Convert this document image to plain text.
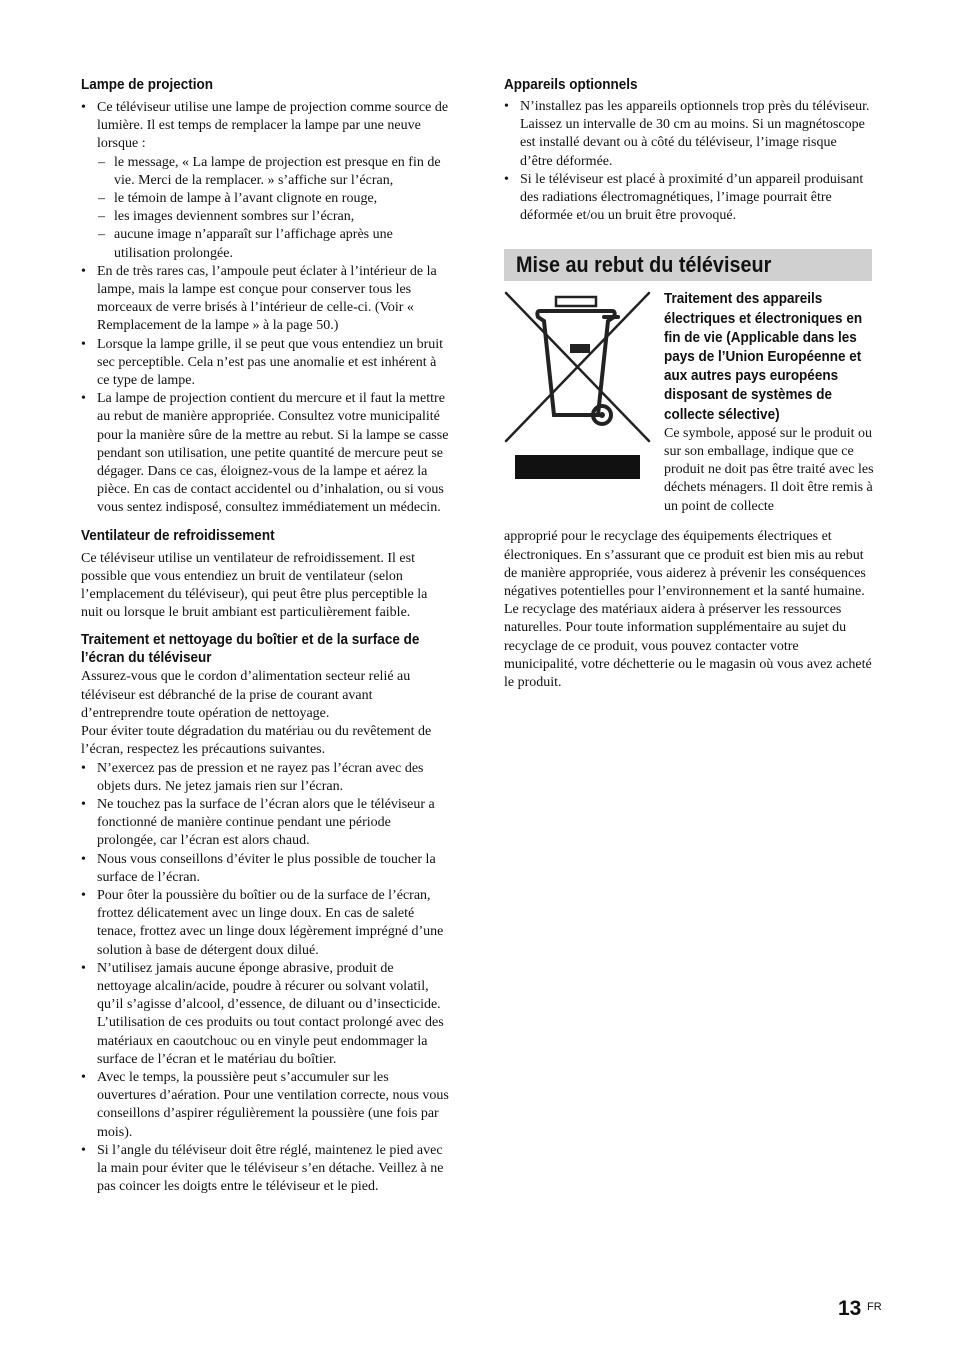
Lampe de projection
• Ce téléviseur utilise une lampe de projection comme source de lumière. Il est temps de remplacer la lampe par une neuve lorsque :
– le message, « La lampe de projection est presque en fin de vie. Merci de la remplacer. » s’affiche sur l’écran,
– le témoin de lampe à l’avant clignote en rouge,
– les images deviennent sombres sur l’écran,
– aucune image n’apparaît sur l’affichage après une utilisation prolongée.
• En de très rares cas, l’ampoule peut éclater à l’intérieur de la lampe, mais la lampe est conçue pour conserver tous les morceaux de verre brisés à l’intérieur de celle-ci. (Voir « Remplacement de la lampe » à la page 50.)
• Lorsque la lampe grille, il se peut que vous entendiez un bruit sec perceptible. Cela n’est pas une anomalie et est inhérent à ce type de lampe.
• La lampe de projection contient du mercure et il faut la mettre au rebut de manière appropriée. Consultez votre municipalité pour la manière sûre de la mettre au rebut. Si la lampe se casse pendant son utilisation, une petite quantité de mercure peut se dégager. Dans ce cas, éloignez-vous de la lampe et aérez la pièce. En cas de contact accidentel ou d’inhalation, ou si vous vous sentez indisposé, consultez immédiatement un médecin.
Ventilateur de refroidissement

Ce téléviseur utilise un ventilateur de refroidissement. Il est possible que vous entendiez un bruit de ventilateur (selon l’emplacement du téléviseur), qui peut être plus perceptible la nuit ou lorsque le bruit ambiant est particulièrement faible.

Traitement et nettoyage du boîtier et de la surface de l’écran du téléviseur

Assurez-vous que le cordon d’alimentation secteur relié au téléviseur est débranché de la prise de courant avant d’entreprendre toute opération de nettoyage.

Pour éviter toute dégradation du matériau ou du revêtement de l’écran, respectez les précautions suivantes.

• N’exercez pas de pression et ne rayez pas l’écran avec des objets durs. Ne jetez jamais rien sur l’écran.
• Ne touchez pas la surface de l’écran alors que le téléviseur a fonctionné de manière continue pendant une période prolongée, car l’écran est alors chaud.
• Nous vous conseillons d’éviter le plus possible de toucher la surface de l’écran.
• Pour ôter la poussière du boîtier ou de la surface de l’écran, frottez délicatement avec un linge doux. En cas de saleté tenace, frottez avec un linge doux légèrement imprégné d’une solution à base de détergent doux dilué.
• N’utilisez jamais aucune éponge abrasive, produit de nettoyage alcalin/acide, poudre à récurer ou solvant volatil, qu’il s’agisse d’alcool, d’essence, de diluant ou d’insecticide. L’utilisation de ces produits ou tout contact prolongé avec des matériaux en caoutchouc ou en vinyle peut endommager la surface de l’écran et le matériau du boîtier.
• Avec le temps, la poussière peut s’accumuler sur les ouvertures d’aération. Pour une ventilation correcte, nous vous conseillons d’aspirer régulièrement la poussière (une fois par mois).
• Si l’angle du téléviseur doit être réglé, maintenez le pied avec la main pour éviter que le téléviseur s’en détache. Veillez à ne pas coincer les doigts entre le téléviseur et le pied.
Appareils optionnels
• N’installez pas les appareils optionnels trop près du téléviseur. Laissez un intervalle de 30 cm au moins. Si un magnétoscope est installé devant ou à côté du téléviseur, l’image risque d’être déformée.
• Si le téléviseur est placé à proximité d’un appareil produisant des radiations électromagnétiques, l’image pourrait être déformée et/ou un bruit être provoqué.
Mise au rebut du téléviseur
Traitement des appareils électriques et électroniques en fin de vie (Applicable dans les pays de l’Union Européenne et aux autres pays européens disposant de systèmes de collecte sélective)

Ce symbole, apposé sur le produit ou sur son emballage, indique que ce produit ne doit pas être traité avec les déchets ménagers. Il doit être remis à un point de collecte

approprié pour le recyclage des équipements électriques et électroniques. En s’assurant que ce produit est bien mis au rebut de manière appropriée, vous aiderez à prévenir les conséquences négatives potentielles pour l’environnement et la santé humaine. Le recyclage des matériaux aidera à préserver les ressources naturelles. Pour toute information supplémentaire au sujet du recyclage de ce produit, vous pouvez contacter votre municipalité, votre déchetterie ou le magasin où vous avez acheté le produit.

13 FR
